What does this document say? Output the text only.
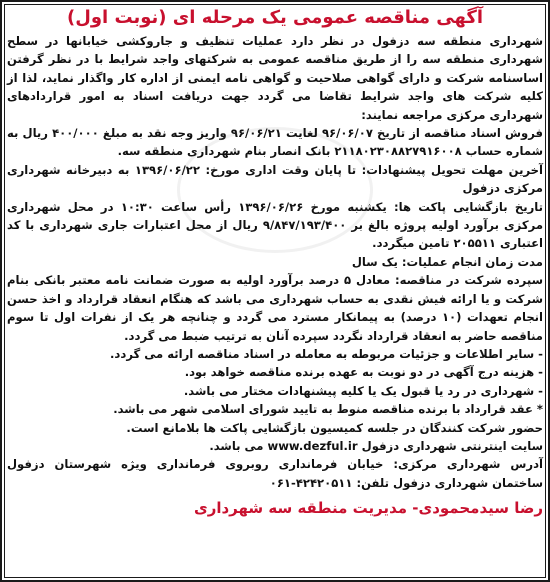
آگهی مناقصه عمومی یک مرحله ای (نوبت اول)

شهرداری منطقه سه دزفول در نظر دارد عملیات تنظیف و جاروکشی خیابانها در سطح شهرداری منطقه سه را از طریق مناقصه عمومی به شرکتهای واجد شرایط با در نظر گرفتن اساسنامه شرکت و دارای گواهی صلاحیت و گواهی نامه ایمنی از اداره کار واگذار نماید، لذا از کلیه شرکت های واجد شرایط تقاضا می گردد جهت دریافت اسناد به امور قراردادهای شهرداری مرکزی مراجعه نمایند:

فروش اسناد مناقصه از تاریخ ۹۶/۰۶/۰۷ لغایت ۹۶/۰۶/۲۱ واریز وجه نقد به مبلغ ۴۰۰/۰۰۰ ریال به شماره حساب ۲۱۱۸۰۲۳۰۸۸۲۷۹۱۶۰۰۸ بانک انصار بنام شهرداری منطقه سه.

آخرین مهلت تحویل پیشنهادات: تا پایان وقت اداری مورخ: ۱۳۹۶/۰۶/۲۲ به دبیرخانه شهرداری مرکزی دزفول

تاریخ بازگشایی پاکت ها: یکشنبه مورخ ۱۳۹۶/۰۶/۲۶ رأس ساعت ۱۰:۳۰ در محل شهرداری مرکزی برآورد اولیه پروژه بالغ بر ۹/۸۴۷/۱۹۳/۴۰۰ ریال از محل اعتبارات جاری شهرداری با کد اعتباری ۲۰۵۵۱۱ تامین میگردد.

مدت زمان انجام عملیات: یک سال

سپرده شرکت در مناقصه: معادل ۵ درصد برآورد اولیه به صورت ضمانت نامه معتبر بانکی بنام شرکت و یا ارائه فیش نقدی به حساب شهرداری می باشد که هنگام انعقاد قرارداد و اخذ حسن انجام تعهدات (۱۰ درصد) به پیمانکار مسترد می گردد و چنانچه هر یک از نفرات اول تا سوم مناقصه حاضر به انعقاد قرارداد نگردد سپرده آنان به ترتیب ضبط می گردد.

- سایر اطلاعات و جزئیات مربوطه به معامله در اسناد مناقصه ارائه می گردد.

- هزینه درج آگهی در دو نوبت به عهده برنده مناقصه خواهد بود.

- شهرداری در رد یا قبول یک یا کلیه پیشنهادات مختار می باشد.

* عقد قرارداد با برنده مناقصه منوط به تایید شورای اسلامی شهر می باشد.

حضور شرکت کنندگان در جلسه کمیسیون بازگشایی پاکت ها بلامانع است.

سایت اینترنتی شهرداری دزفول www.dezful.ir می باشد.

آدرس شهرداری مرکزی: خیابان فرمانداری روبروی فرمانداری ویژه شهرستان دزفول ساختمان شهرداری دزفول تلفن: ۴۲۴۲۰۵۱۱-۰۶۱

رضا سیدمحمودی- مدیریت منطقه سه شهرداری
